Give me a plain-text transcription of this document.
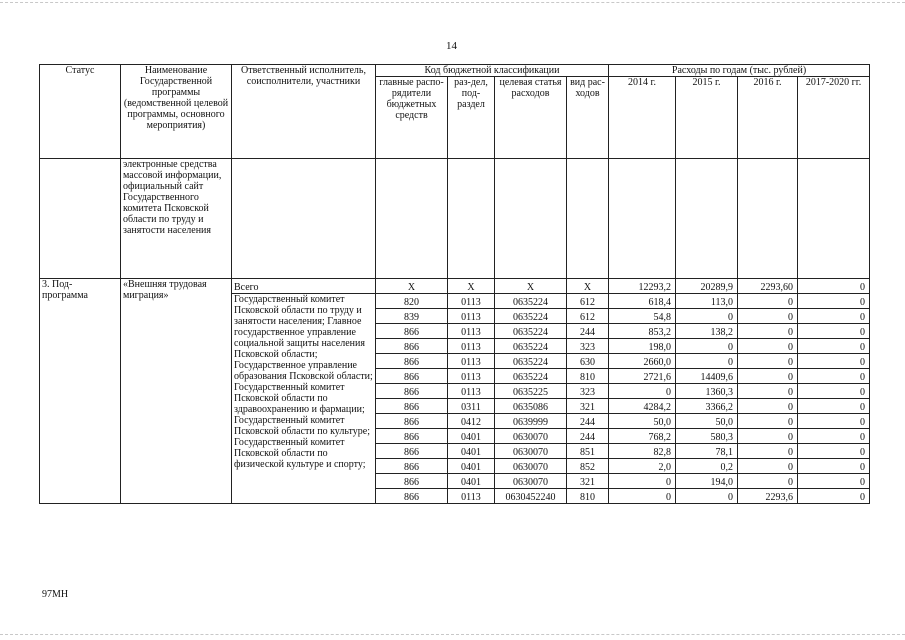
14
Статус	Наименование Государственной программы (ведомственной целевой программы, основного мероприятия)	Ответственный исполнитель, соисполнители, участники	Код бюджетной классификации				Расходы по годам (тыс. рублей)			
			главные распо-рядители бюджетных средств	раз-дел, под-раздел	целевая статья расходов	вид рас-ходов	2014 г.	2015 г.	2016 г.	2017-2020 гг.
	электронные средства массовой информации, официальный сайт Государственного комитета Псковской области по труду и занятости населения									
3. Под-программа	«Внешняя трудовая миграция»	Всего	X	X	X	X	12293,2	20289,9	2293,60	0
		Государственный комитет Псковской области по труду и занятости населения; Главное государственное управление социальной защиты населения Псковской области; Государственное управление образования Псковской области; Государственный комитет Псковской области по здравоохранению и фармации; Государственный комитет Псковской области по культуре; Государственный комитет Псковской области по физической культуре и спорту;	820	0113	0635224	612	618,4	113,0	0	0
			839	0113	0635224	612	54,8	0	0	0
			866	0113	0635224	244	853,2	138,2	0	0
			866	0113	0635224	323	198,0	0	0	0
			866	0113	0635224	630	2660,0	0	0	0
			866	0113	0635224	810	2721,6	14409,6	0	0
			866	0113	0635225	323	0	1360,3	0	0
			866	0311	0635086	321	4284,2	3366,2	0	0
			866	0412	0639999	244	50,0	50,0	0	0
			866	0401	0630070	244	768,2	580,3	0	0
			866	0401	0630070	851	82,8	78,1	0	0
			866	0401	0630070	852	2,0	0,2	0	0
			866	0401	0630070	321	0	194,0	0	0
			866	0113	0630452240	810	0	0	2293,6	0
97МН
